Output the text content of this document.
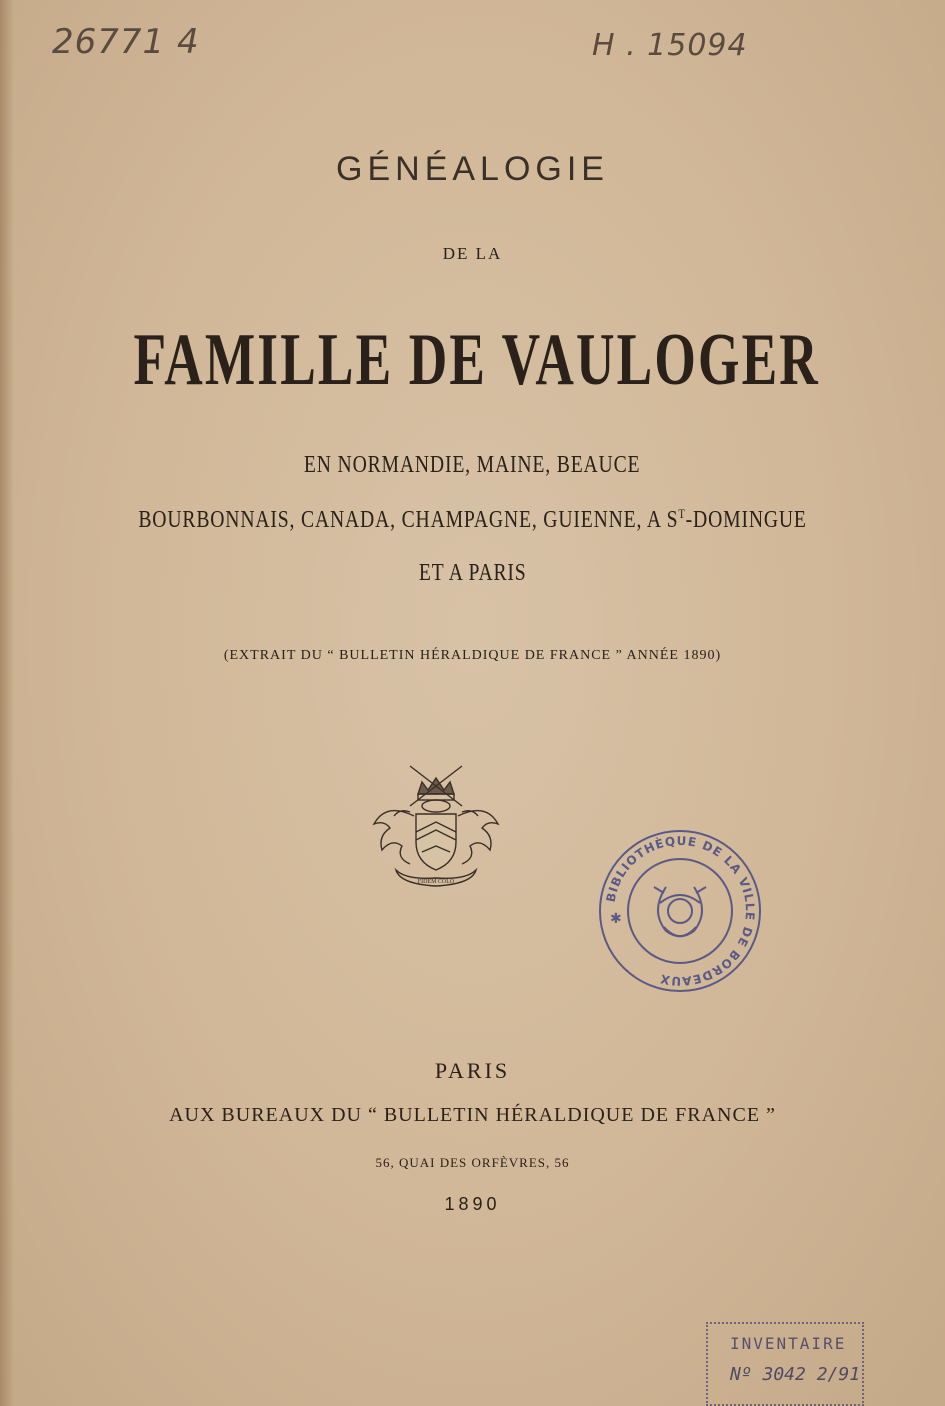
26771 4	H . 15094
GÉNÉALOGIE
DE LA
FAMILLE DE VAULOGER
EN NORMANDIE, MAINE, BEAUCE
BOURBONNAIS, CANADA, CHAMPAGNE, GUIENNE, A $S^T$-DOMINGUE
ET A PARIS
(EXTRAIT DU “ BULLETIN HÉRALDIQUE DE FRANCE ” ANNÉE 1890)
FIDEM COLO
BIBLIOTHÈQUE DE LA VILLE DE BORDEAUX
✱
PARIS
AUX BUREAUX DU “ BULLETIN HÉRALDIQUE DE FRANCE ”
56, QUAI DES ORFÈVRES, 56
1890
INVENTAIRE
Nº 3042 2/91
